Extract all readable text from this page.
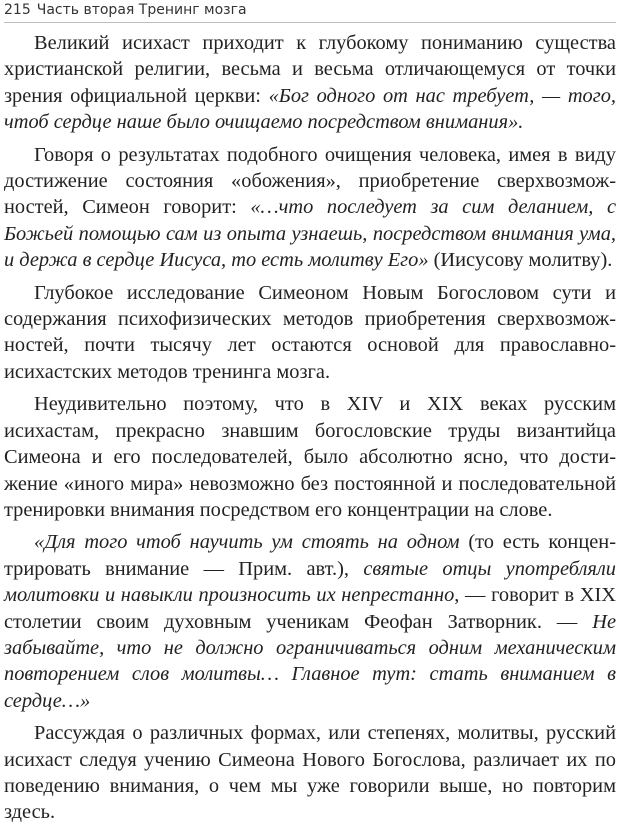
215 Часть вторая Тренинг мозга

Великий исихаст приходит к глубокому пониманию существа христианской религии, весьма и весьма отличающемуся от точки зрения официальной церкви: «Бог одного от нас требует, — того, чтоб сердце наше было очищаемо посредством внимания».

Говоря о результатах подобного очищения человека, имея в виду достижение состояния «обожения», приобретение сверхвозможностей, Симеон говорит: «…что последует за сим деланием, с Божьей помощью сам из опыта узнаешь, посредством внимания ума, и держа в сердце Иисуса, то есть молитву Его» (Иисусову молитву).

Глубокое исследование Симеоном Новым Богословом сути и содержания психофизических методов приобретения сверхвозможностей, почти тысячу лет остаются основой для православно-исихастских методов тренинга мозга.

Неудивительно поэтому, что в XIV и XIX веках русским исихастам, прекрасно знавшим богословские труды византийца Симеона и его последователей, было абсолютно ясно, что достижение «иного мира» невозможно без постоянной и последовательной тренировки внимания посредством его концентрации на слове.

«Для того чтоб научить ум стоять на одном (то есть концентрировать внимание — Прим. авт.), святые отцы употребляли молитовки и навыкли произносить их непрестанно, — говорит в XIX столетии своим духовным ученикам Феофан Затворник. — Не забывайте, что не должно ограничиваться одним механическим повторением слов молитвы… Главное тут: стать вниманием в сердце…»

Рассуждая о различных формах, или степенях, молитвы, русский исихаст следуя учению Симеона Нового Богослова, различает их по поведению внимания, о чем мы уже говорили выше, но повторим здесь.
